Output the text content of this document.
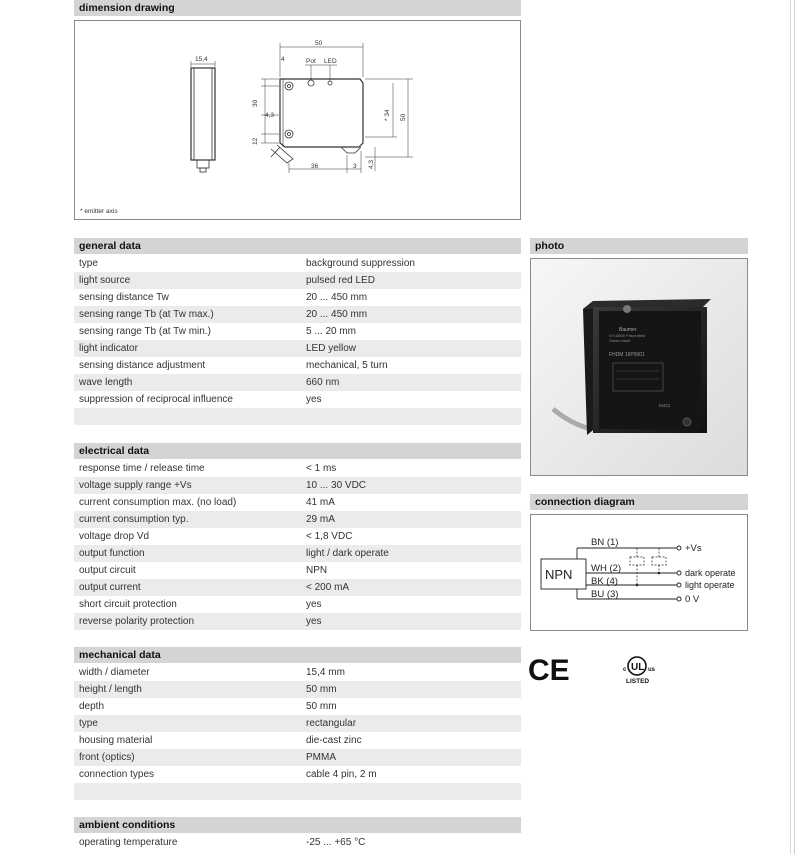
dimension drawing
15,4
50
Pot LED
4
30
4,3
12
* 34 50
36	3 4,3
* emitter axis
general data
type	background suppression
light source	pulsed red LED
sensing distance Tw	20 ... 450 mm
sensing range Tb (at Tw max.)	20 ... 450 mm
sensing range Tb (at Tw min.)	5 ... 20 mm
light indicator	LED yellow
sensing distance adjustment	mechanical, 5 turn
wave length	660 nm
suppression of reciprocal influence	yes
electrical data
response time / release time	< 1 ms
voltage supply range +Vs	10 ... 30 VDC
current consumption max. (no load)	41 mA
current consumption typ.	29 mA
voltage drop Vd	< 1,8 VDC
output function	light / dark operate
output circuit	NPN
output current	< 200 mA
short circuit protection	yes
reverse polarity protection	yes
mechanical data
width / diameter	15,4 mm
height / length	50 mm
depth	50 mm
type	rectangular
housing material	die-cast zinc
front (optics)	PMMA
connection types	cable 4 pin, 2 m
ambient conditions
operating temperature	-25 ... +65 °C
photo
Baumer
CH-8500 Frauenfeld
Swiss made
FHDM 16P5001
M421
connection diagram
NPN
BN (1)
WH (2)
BK (4)
BU (3)
+Vs
dark operate
light operate
0 V
CE	c UL us
LISTED
